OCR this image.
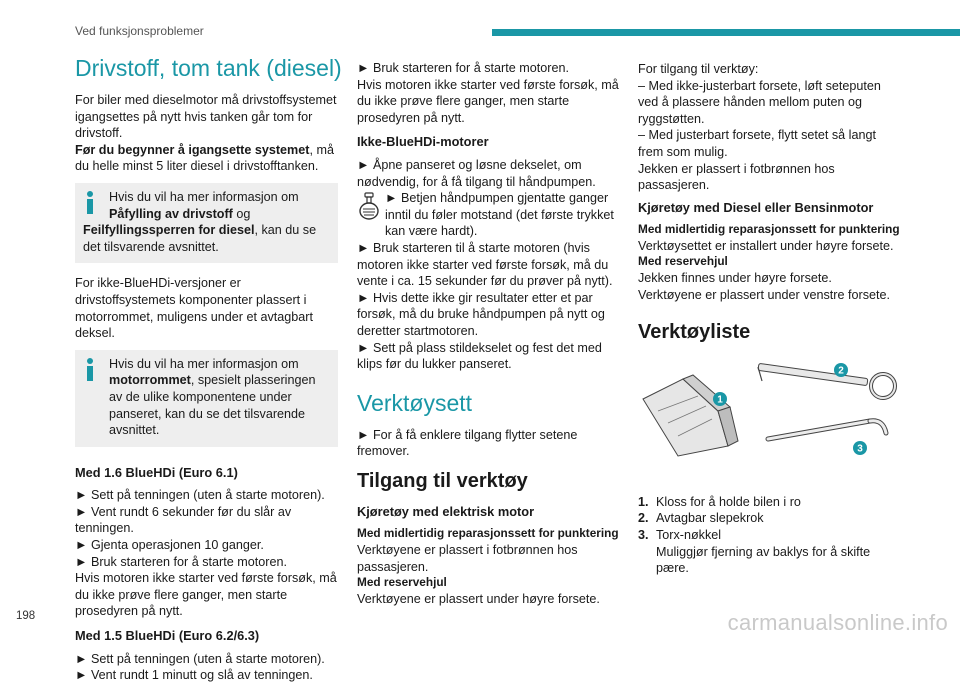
Ved funksjonsproblemer
Drivstoff, tom tank (diesel)

For biler med dieselmotor må drivstoffsystemet igangsettes på nytt hvis tanken går tom for drivstoff.
Før du begynner å igangsette systemet, må du helle minst 5 liter diesel i drivstofftanken.

Hvis du vil ha mer informasjon om Påfylling av drivstoff ogFeilfyllingssperren for diesel, kan du se det tilsvarende avsnittet.

For ikke-BlueHDi-versjoner er drivstoffsystemets komponenter plassert i motorrommet, muligens under et avtagbart deksel.

Hvis du vil ha mer informasjon om motorrommet, spesielt plasseringen av de ulike komponentene under panseret, kan du se det tilsvarende avsnittet.
Med 1.6 BlueHDi (Euro 6.1)
► Sett på tenningen (uten å starte motoren).
► Vent rundt 6 sekunder før du slår av tenningen.
► Gjenta operasjonen 10 ganger.
► Bruk starteren for å starte motoren.
Hvis motoren ikke starter ved første forsøk, må du ikke prøve flere ganger, men starte prosedyren på nytt.
Med 1.5 BlueHDi (Euro 6.2/6.3)
► Sett på tenningen (uten å starte motoren).
► Vent rundt 1 minutt og slå av tenningen.
► Bruk starteren for å starte motoren.
Hvis motoren ikke starter ved første forsøk, må du ikke prøve flere ganger, men starte prosedyren på nytt.
Ikke-BlueHDi-motorer
► Åpne panseret og løsne dekselet, om nødvendig, for å få tilgang til håndpumpen.
► Betjen håndpumpen gjentatte ganger inntil du føler motstand (det første trykket kan være hardt).
► Bruk starteren til å starte motoren (hvis motoren ikke starter ved første forsøk, må du vente i ca. 15 sekunder før du prøver på nytt).
► Hvis dette ikke gir resultater etter et par forsøk, må du bruke håndpumpen på nytt og deretter startmotoren.
► Sett på plass stildekselet og fest det med klips før du lukker panseret.
Verktøysett

► For å få enklere tilgang flytter setene fremover.

Tilgang til verktøy
Kjøretøy med elektrisk motor
Med midlertidig reparasjonssett for punktering
Verktøyene er plassert i fotbrønnen hos passasjeren.
Med reservehjul
Verktøyene er plassert under høyre forsete.
For tilgang til verktøy:
– Med ikke-justerbart forsete, løft seteputen ved å plassere hånden mellom puten og ryggstøtten.
– Med justerbart forsete, flytt setet så langt frem som mulig.
Jekken er plassert i fotbrønnen hos passasjeren.
Kjøretøy med Diesel eller Bensinmotor
Med midlertidig reparasjonssett for punktering
Verktøysettet er installert under høyre forsete.
Med reservehjul
Jekken finnes under høyre forsete.
Verktøyene er plassert under venstre forsete.
Verktøyliste
1
2
3
1. Kloss for å holde bilen i ro
2. Avtagbar slepekrok
3. Torx-nøkkel
Muliggjør fjerning av baklys for å skifte pære.
198	carmanualsonline.info
